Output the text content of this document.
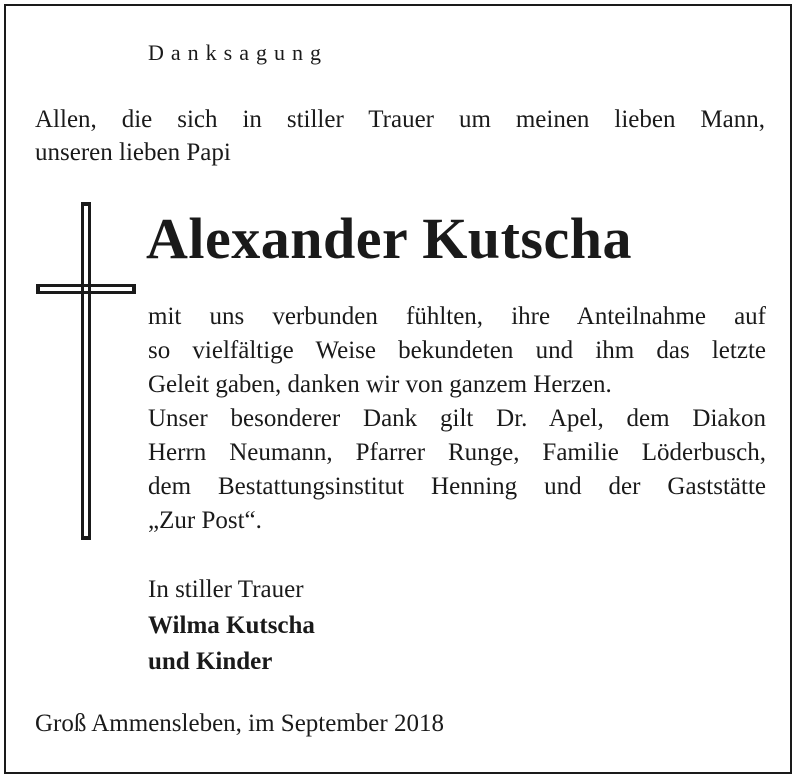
Danksagung
Allen, die sich in stiller Trauer um meinen lieben Mann,
unseren lieben Papi
Alexander Kutscha
mit uns verbunden fühlten, ihre Anteilnahme auf
so vielfältige Weise bekundeten und ihm das letzte
Geleit gaben, danken wir von ganzem Herzen.
Unser besonderer Dank gilt Dr. Apel, dem Diakon
Herrn Neumann, Pfarrer Runge, Familie Löderbusch,
dem Bestattungsinstitut Henning und der Gaststätte
„Zur Post“.
In stiller Trauer
Wilma Kutscha
und Kinder
Groß Ammensleben, im September 2018
